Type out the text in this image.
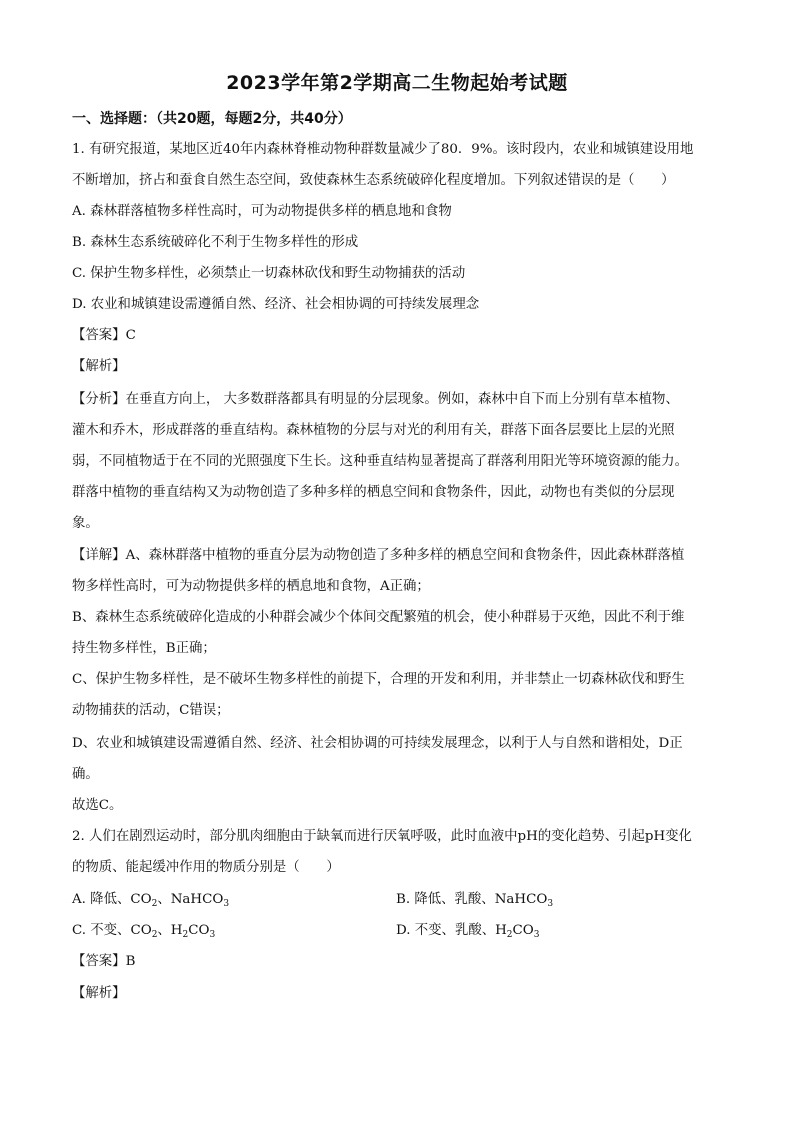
2023学年第2学期高二生物起始考试题
一、选择题：（共20题，每题2分，共40分）
1. 有研究报道，某地区近40年内森林脊椎动物种群数量减少了80．9%。该时段内，农业和城镇建设用地
不断增加，挤占和蚕食自然生态空间，致使森林生态系统破碎化程度增加。下列叙述错误的是（　　）
A. 森林群落植物多样性高时，可为动物提供多样的栖息地和食物
B. 森林生态系统破碎化不利于生物多样性的形成
C. 保护生物多样性，必须禁止一切森林砍伐和野生动物捕获的活动
D. 农业和城镇建设需遵循自然、经济、社会相协调的可持续发展理念
【答案】C
【解析】
【分析】在垂直方向上， 大多数群落都具有明显的分层现象。例如，森林中自下而上分别有草本植物、
灌木和乔木，形成群落的垂直结构。森林植物的分层与对光的利用有关，群落下面各层要比上层的光照
弱，不同植物适于在不同的光照强度下生长。这种垂直结构显著提高了群落利用阳光等环境资源的能力。
群落中植物的垂直结构又为动物创造了多种多样的栖息空间和食物条件，因此，动物也有类似的分层现
象。
【详解】A、森林群落中植物的垂直分层为动物创造了多种多样的栖息空间和食物条件，因此森林群落植
物多样性高时，可为动物提供多样的栖息地和食物，A正确；
B、森林生态系统破碎化造成的小种群会减少个体间交配繁殖的机会，使小种群易于灭绝，因此不利于维
持生物多样性，B正确；
C、保护生物多样性，是不破坏生物多样性的前提下，合理的开发和利用，并非禁止一切森林砍伐和野生
动物捕获的活动，C错误；
D、农业和城镇建设需遵循自然、经济、社会相协调的可持续发展理念，以利于人与自然和谐相处，D正
确。
故选C。
2. 人们在剧烈运动时，部分肌肉细胞由于缺氧而进行厌氧呼吸，此时血液中pH的变化趋势、引起pH变化
的物质、能起缓冲作用的物质分别是（　　）
A. 降低、$CO_2$、NaHCO$_3$	B. 降低、乳酸、NaHCO$_3$
C. 不变、$CO_2$、$H_2CO_3$	D. 不变、乳酸、$H_2CO_3$
【答案】B
【解析】
